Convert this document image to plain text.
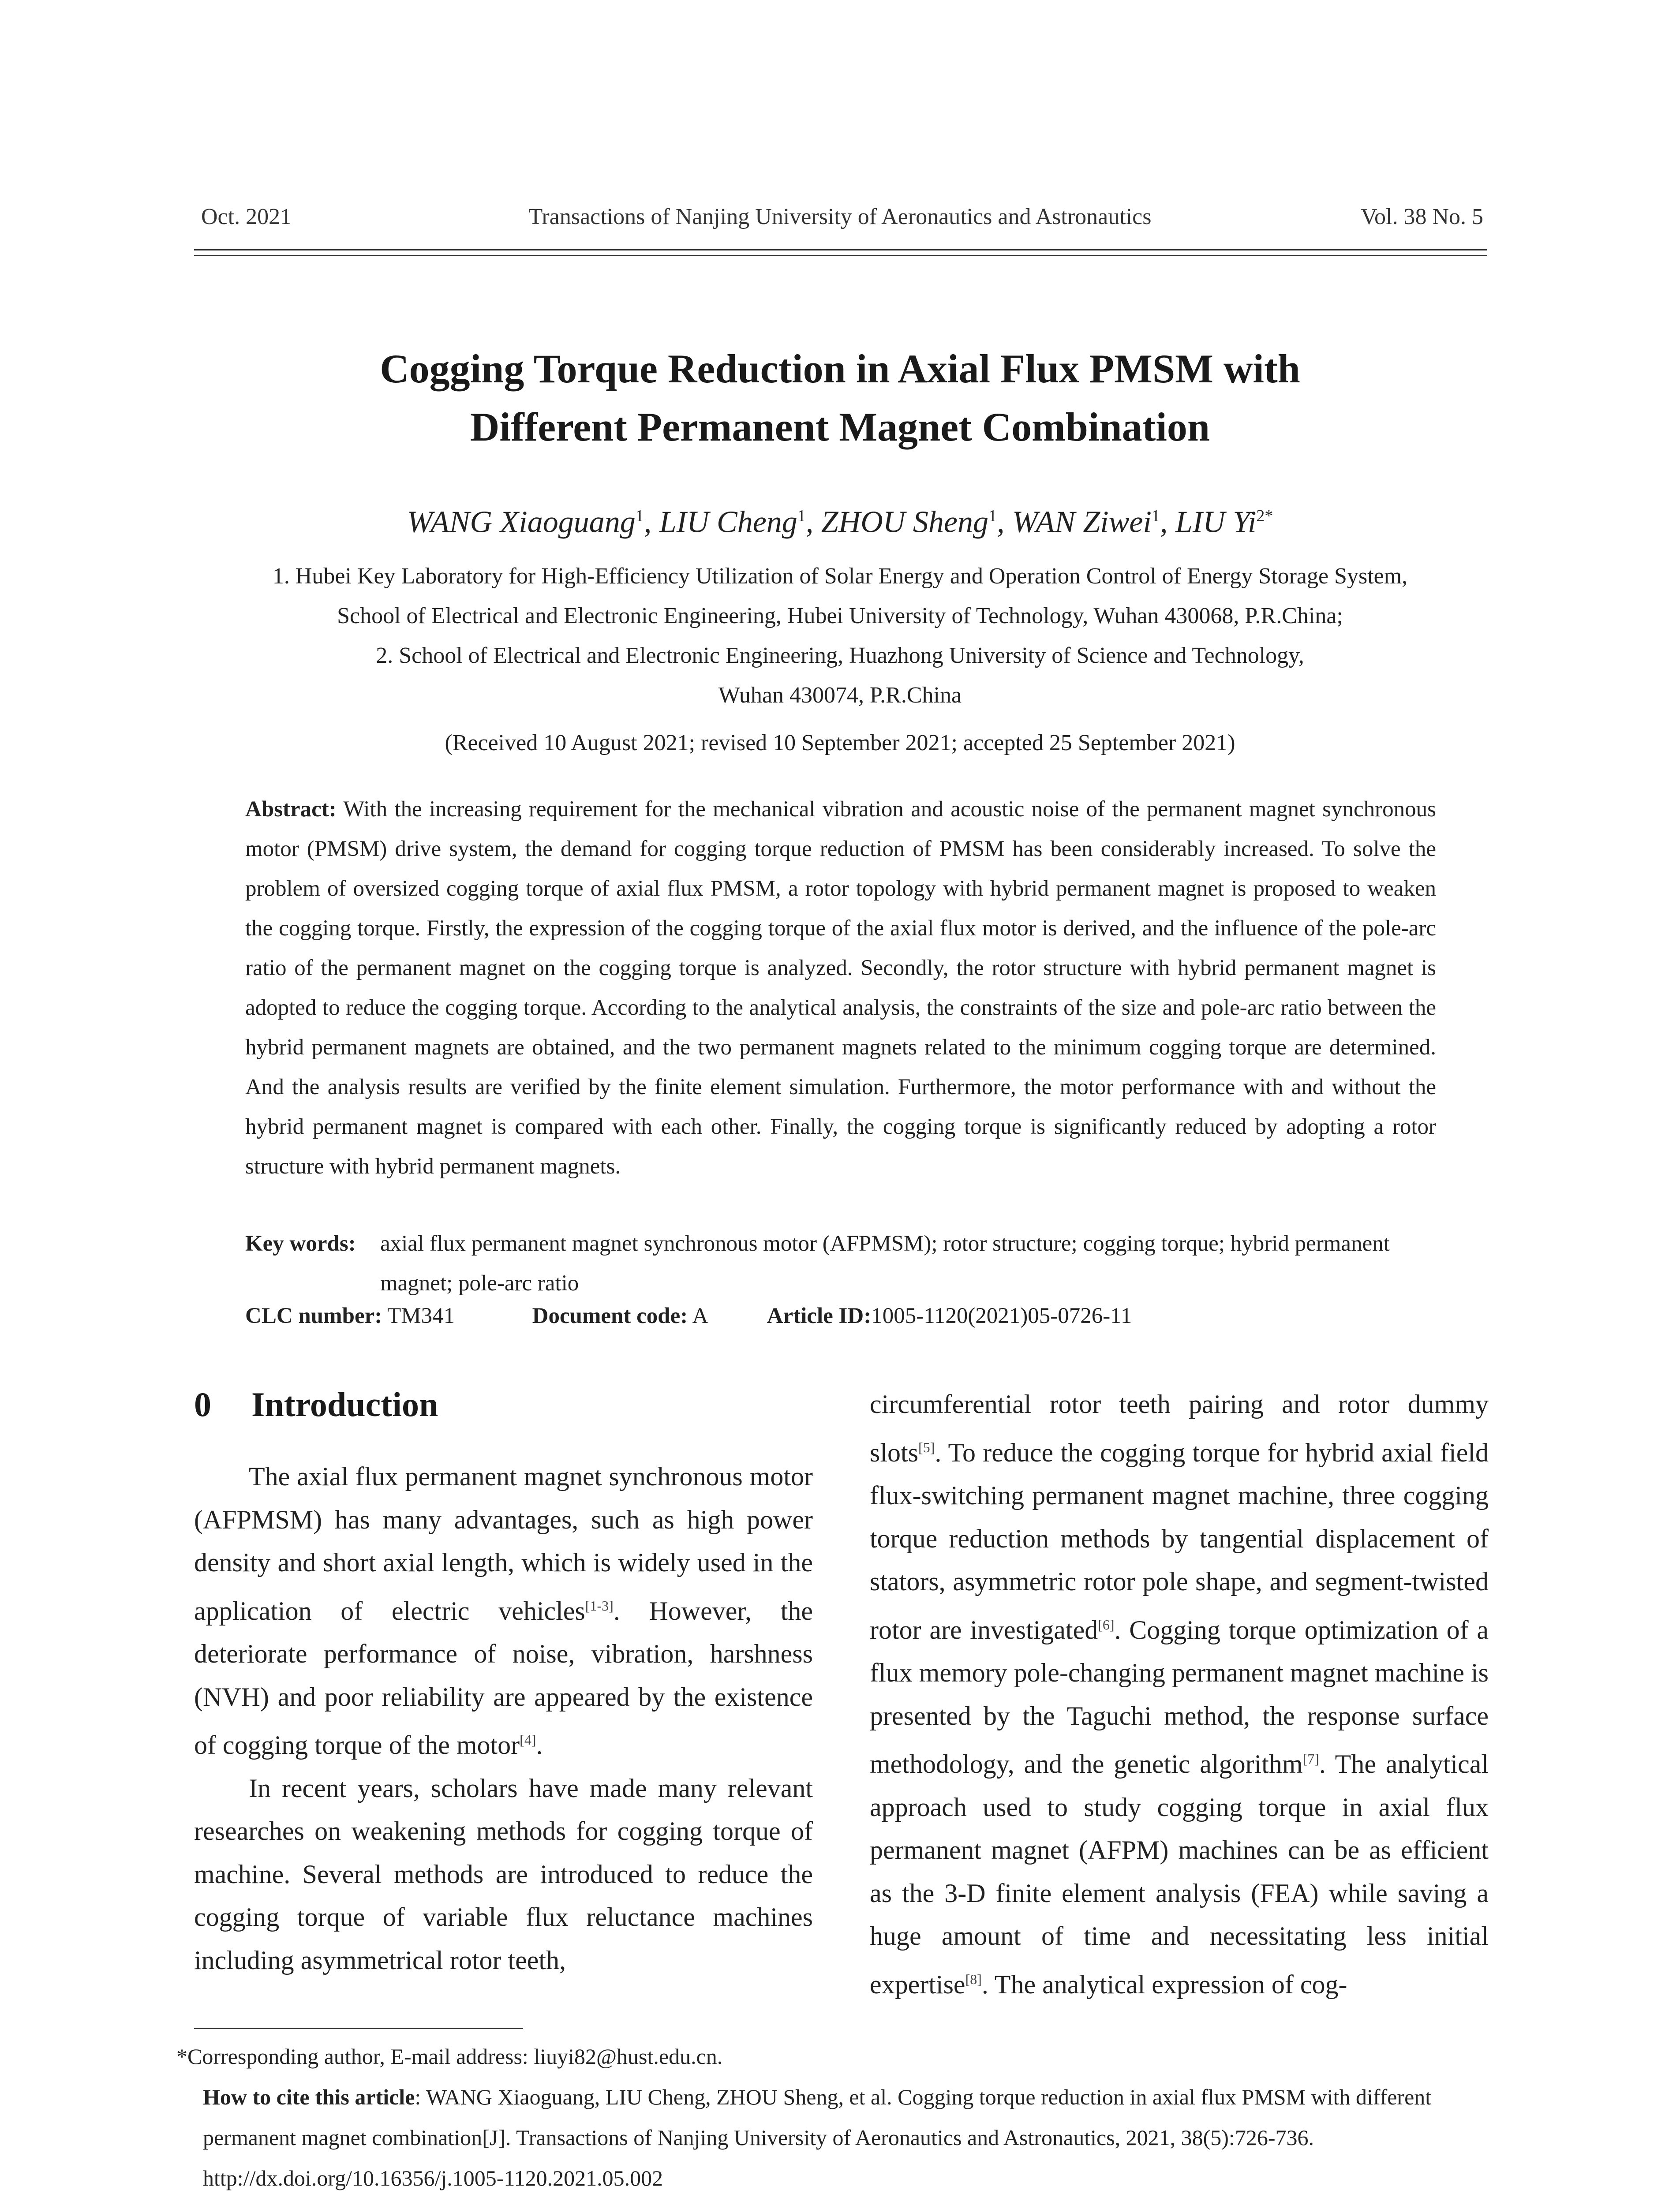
Oct. 2021	Transactions of Nanjing University of Aeronautics and Astronautics	Vol. 38 No. 5
Cogging Torque Reduction in Axial Flux PMSM with
Different Permanent Magnet Combination
WANG Xiaoguang$^1$, LIU Cheng$^1$, ZHOU Sheng$^1$, WAN Ziwei$^1$, LIU $Yi^{2*}$
1. Hubei Key Laboratory for High-Efficiency Utilization of Solar Energy and Operation Control of Energy Storage System,
School of Electrical and Electronic Engineering, Hubei University of Technology, Wuhan 430068, P.R.China;
2. School of Electrical and Electronic Engineering, Huazhong University of Science and Technology,
Wuhan 430074, P.R.China
(Received 10 August 2021; revised 10 September 2021; accepted 25 September 2021)
Abstract: With the increasing requirement for the mechanical vibration and acoustic noise of the permanent magnet synchronous motor (PMSM) drive system, the demand for cogging torque reduction of PMSM has been considerably increased. To solve the problem of oversized cogging torque of axial flux PMSM, a rotor topology with hybrid permanent magnet is proposed to weaken the cogging torque. Firstly, the expression of the cogging torque of the axial flux motor is derived, and the influence of the pole-arc ratio of the permanent magnet on the cogging torque is analyzed. Secondly, the rotor structure with hybrid permanent magnet is adopted to reduce the cogging torque. According to the analytical analysis, the constraints of the size and pole-arc ratio between the hybrid permanent magnets are obtained, and the two permanent magnets related to the minimum cogging torque are determined. And the analysis results are verified by the finite element simulation. Furthermore, the motor performance with and without the hybrid permanent magnet is compared with each other. Finally, the cogging torque is significantly reduced by adopting a rotor structure with hybrid permanent magnets.
Key words: axial flux permanent magnet synchronous motor (AFPMSM); rotor structure; cogging torque; hybrid permanent magnet; pole-arc ratio
CLC number: TM341	Document code: A	Article ID:1005-1120(2021)05-0726-11
0 Introduction

The axial flux permanent magnet synchronous motor (AFPMSM) has many advantages, such as high power density and short axial length, which is widely used in the application of electric vehicles[1-3]. However, the deteriorate performance of noise, vibration, harshness (NVH) and poor reliability are appeared by the existence of cogging torque of the motor[4].

In recent years, scholars have made many relevant researches on weakening methods for cogging torque of machine. Several methods are introduced to reduce the cogging torque of variable flux reluctance machines including asymmetrical rotor teeth,

circumferential rotor teeth pairing and rotor dummy slots[5]. To reduce the cogging torque for hybrid axial field flux-switching permanent magnet machine, three cogging torque reduction methods by tangential displacement of stators, asymmetric rotor pole shape, and segment-twisted rotor are investigated[6]. Cogging torque optimization of a flux memory pole-changing permanent magnet machine is presented by the Taguchi method, the response surface methodology, and the genetic algorithm[7]. The analytical approach used to study cogging torque in axial flux permanent magnet (AFPM) machines can be as efficient as the 3-D finite element analysis (FEA) while saving a huge amount of time and necessitating less initial expertise[8]. The analytical expression of cog-

*Corresponding author, E-mail address: liuyi82@hust.edu.cn.
How to cite this article: WANG Xiaoguang, LIU Cheng, ZHOU Sheng, et al. Cogging torque reduction in axial flux PMSM with different permanent magnet combination[J]. Transactions of Nanjing University of Aeronautics and Astronautics, 2021, 38(5):726-736.
http://dx.doi.org/10.16356/j.1005-1120.2021.05.002
